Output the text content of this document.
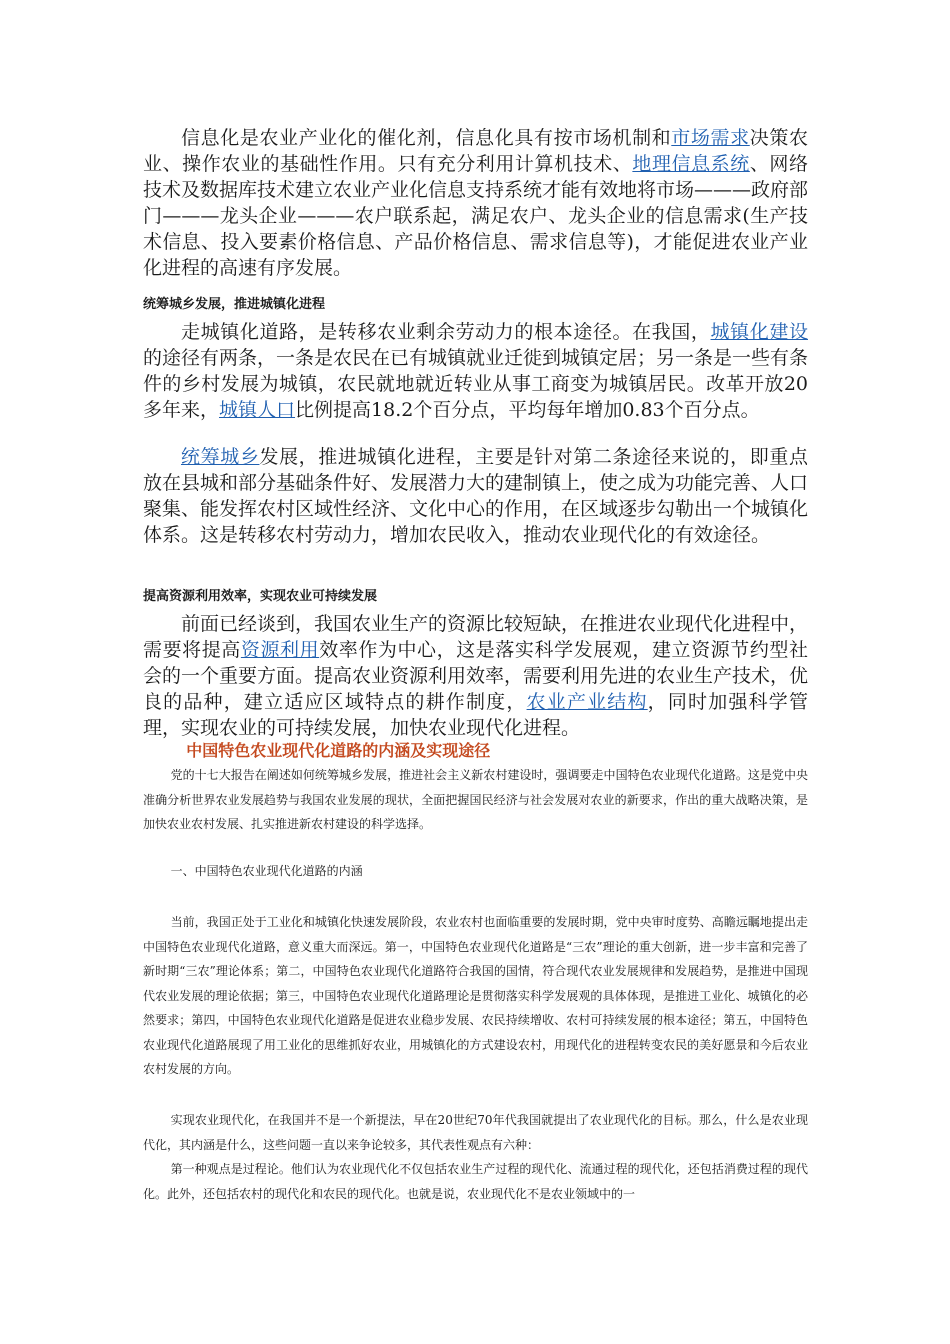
信息化是农业产业化的催化剂，信息化具有按市场机制和市场需求决策农业、操作农业的基础性作用。只有充分利用计算机技术、地理信息系统、网络技术及数据库技术建立农业产业化信息支持系统才能有效地将市场———政府部门———龙头企业———农户联系起，满足农户、龙头企业的信息需求(生产技术信息、投入要素价格信息、产品价格信息、需求信息等)，才能促进农业产业化进程的高速有序发展。

统筹城乡发展，推进城镇化进程

走城镇化道路，是转移农业剩余劳动力的根本途径。在我国，城镇化建设的途径有两条，一条是农民在已有城镇就业迁徙到城镇定居；另一条是一些有条件的乡村发展为城镇，农民就地就近转业从事工商变为城镇居民。改革开放20多年来，城镇人口比例提高18.2个百分点，平均每年增加0.83个百分点。

统筹城乡发展，推进城镇化进程，主要是针对第二条途径来说的，即重点放在县城和部分基础条件好、发展潜力大的建制镇上，使之成为功能完善、人口聚集、能发挥农村区域性经济、文化中心的作用，在区域逐步勾勒出一个城镇化体系。这是转移农村劳动力，增加农民收入，推动农业现代化的有效途径。

提高资源利用效率，实现农业可持续发展

前面已经谈到，我国农业生产的资源比较短缺，在推进农业现代化进程中，需要将提高资源利用效率作为中心，这是落实科学发展观，建立资源节约型社会的一个重要方面。提高农业资源利用效率，需要利用先进的农业生产技术，优良的品种，建立适应区域特点的耕作制度，农业产业结构，同时加强科学管理，实现农业的可持续发展，加快农业现代化进程。

中国特色农业现代化道路的内涵及实现途径

党的十七大报告在阐述如何统筹城乡发展，推进社会主义新农村建设时，强调要走中国特色农业现代化道路。这是党中央准确分析世界农业发展趋势与我国农业发展的现状，全面把握国民经济与社会发展对农业的新要求，作出的重大战略决策，是加快农业农村发展、扎实推进新农村建设的科学选择。

一、中国特色农业现代化道路的内涵

当前，我国正处于工业化和城镇化快速发展阶段，农业农村也面临重要的发展时期，党中央审时度势、高瞻远瞩地提出走中国特色农业现代化道路，意义重大而深远。第一，中国特色农业现代化道路是“三农”理论的重大创新，进一步丰富和完善了新时期“三农”理论体系；第二，中国特色农业现代化道路符合我国的国情，符合现代农业发展规律和发展趋势，是推进中国现代农业发展的理论依据；第三，中国特色农业现代化道路理论是贯彻落实科学发展观的具体体现，是推进工业化、城镇化的必然要求；第四，中国特色农业现代化道路是促进农业稳步发展、农民持续增收、农村可持续发展的根本途径；第五，中国特色农业现代化道路展现了用工业化的思维抓好农业，用城镇化的方式建设农村，用现代化的进程转变农民的美好愿景和今后农业农村发展的方向。

实现农业现代化，在我国并不是一个新提法，早在20世纪70年代我国就提出了农业现代化的目标。那么，什么是农业现代化，其内涵是什么，这些问题一直以来争论较多，其代表性观点有六种：

第一种观点是过程论。他们认为农业现代化不仅包括农业生产过程的现代化、流通过程的现代化，还包括消费过程的现代化。此外，还包括农村的现代化和农民的现代化。也就是说，农业现代化不是农业领域中的一
